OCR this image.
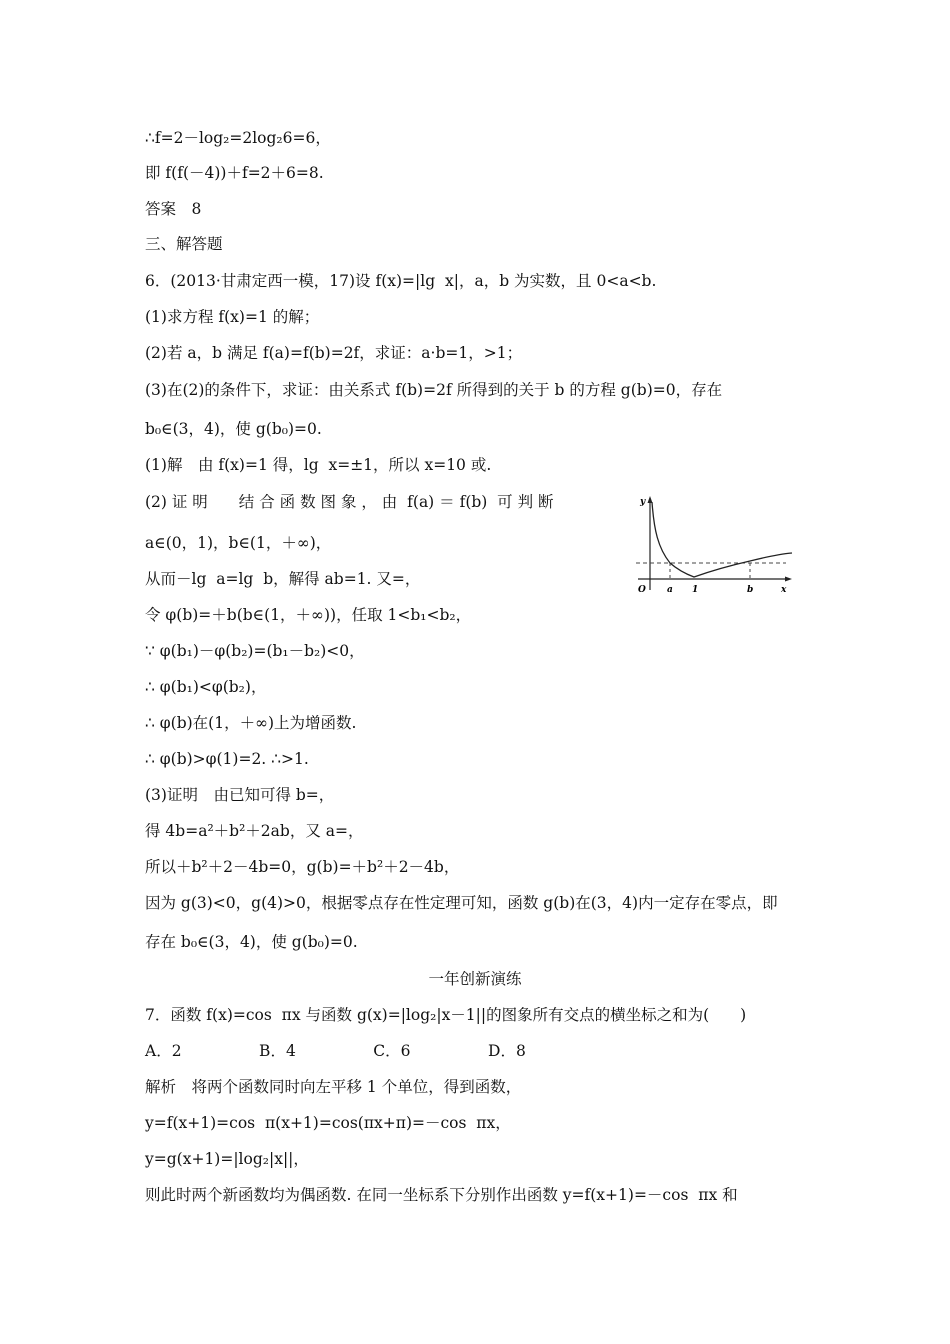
∴f=2－log₂=2log₂6=6，
即 f(f(－4))＋f=2＋6=8.
答案　8
三、解答题
6．(2013·甘肃定西一模，17)设 f(x)=|lg  x|，a，b 为实数，且 0<a<b.
(1)求方程 f(x)=1 的解；
(2)若 a，b 满足 f(a)=f(b)=2f，求证：a·b=1，>1；
(3)在(2)的条件下，求证：由关系式 f(b)=2f 所得到的关于 b 的方程 g(b)=0，存在
b₀∈(3，4)，使 g(b₀)=0.
(1)解　由 f(x)=1 得，lg  x=±1，所以 x=10 或.
(2) 证 明　　结 合 函 数 图 象 ， 由  f(a) ＝ f(b)  可 判 断
a∈(0，1)，b∈(1，＋∞)，
从而－lg  a=lg  b，解得 ab=1. 又=，
令 φ(b)=＋b(b∈(1，＋∞))，任取 1<b₁<b₂，
∵ φ(b₁)－φ(b₂)=(b₁－b₂)<0，
∴ φ(b₁)<φ(b₂)，
∴ φ(b)在(1，＋∞)上为增函数.
∴ φ(b)>φ(1)=2. ∴>1.
(3)证明　由已知可得 b=，
得 4b=a²＋b²＋2ab，又 a=，
所以＋b²＋2－4b=0，g(b)=＋b²＋2－4b，
因为 g(3)<0，g(4)>0，根据零点存在性定理可知，函数 g(b)在(3，4)内一定存在零点，即
存在 b₀∈(3，4)，使 g(b₀)=0.
一年创新演练
7．函数 f(x)=cos  πx 与函数 g(x)=|log₂|x－1||的图象所有交点的横坐标之和为(　　)
A．2　　　　　B．4　　　　　C．6　　　　　D．8
解析　将两个函数同时向左平移 1 个单位，得到函数，
y=f(x+1)=cos  π(x+1)=cos(πx+π)=－cos  πx，
y=g(x+1)=|log₂|x||，
则此时两个新函数均为偶函数. 在同一坐标系下分别作出函数 y=f(x+1)=－cos  πx 和
y
x
O a 1	b
